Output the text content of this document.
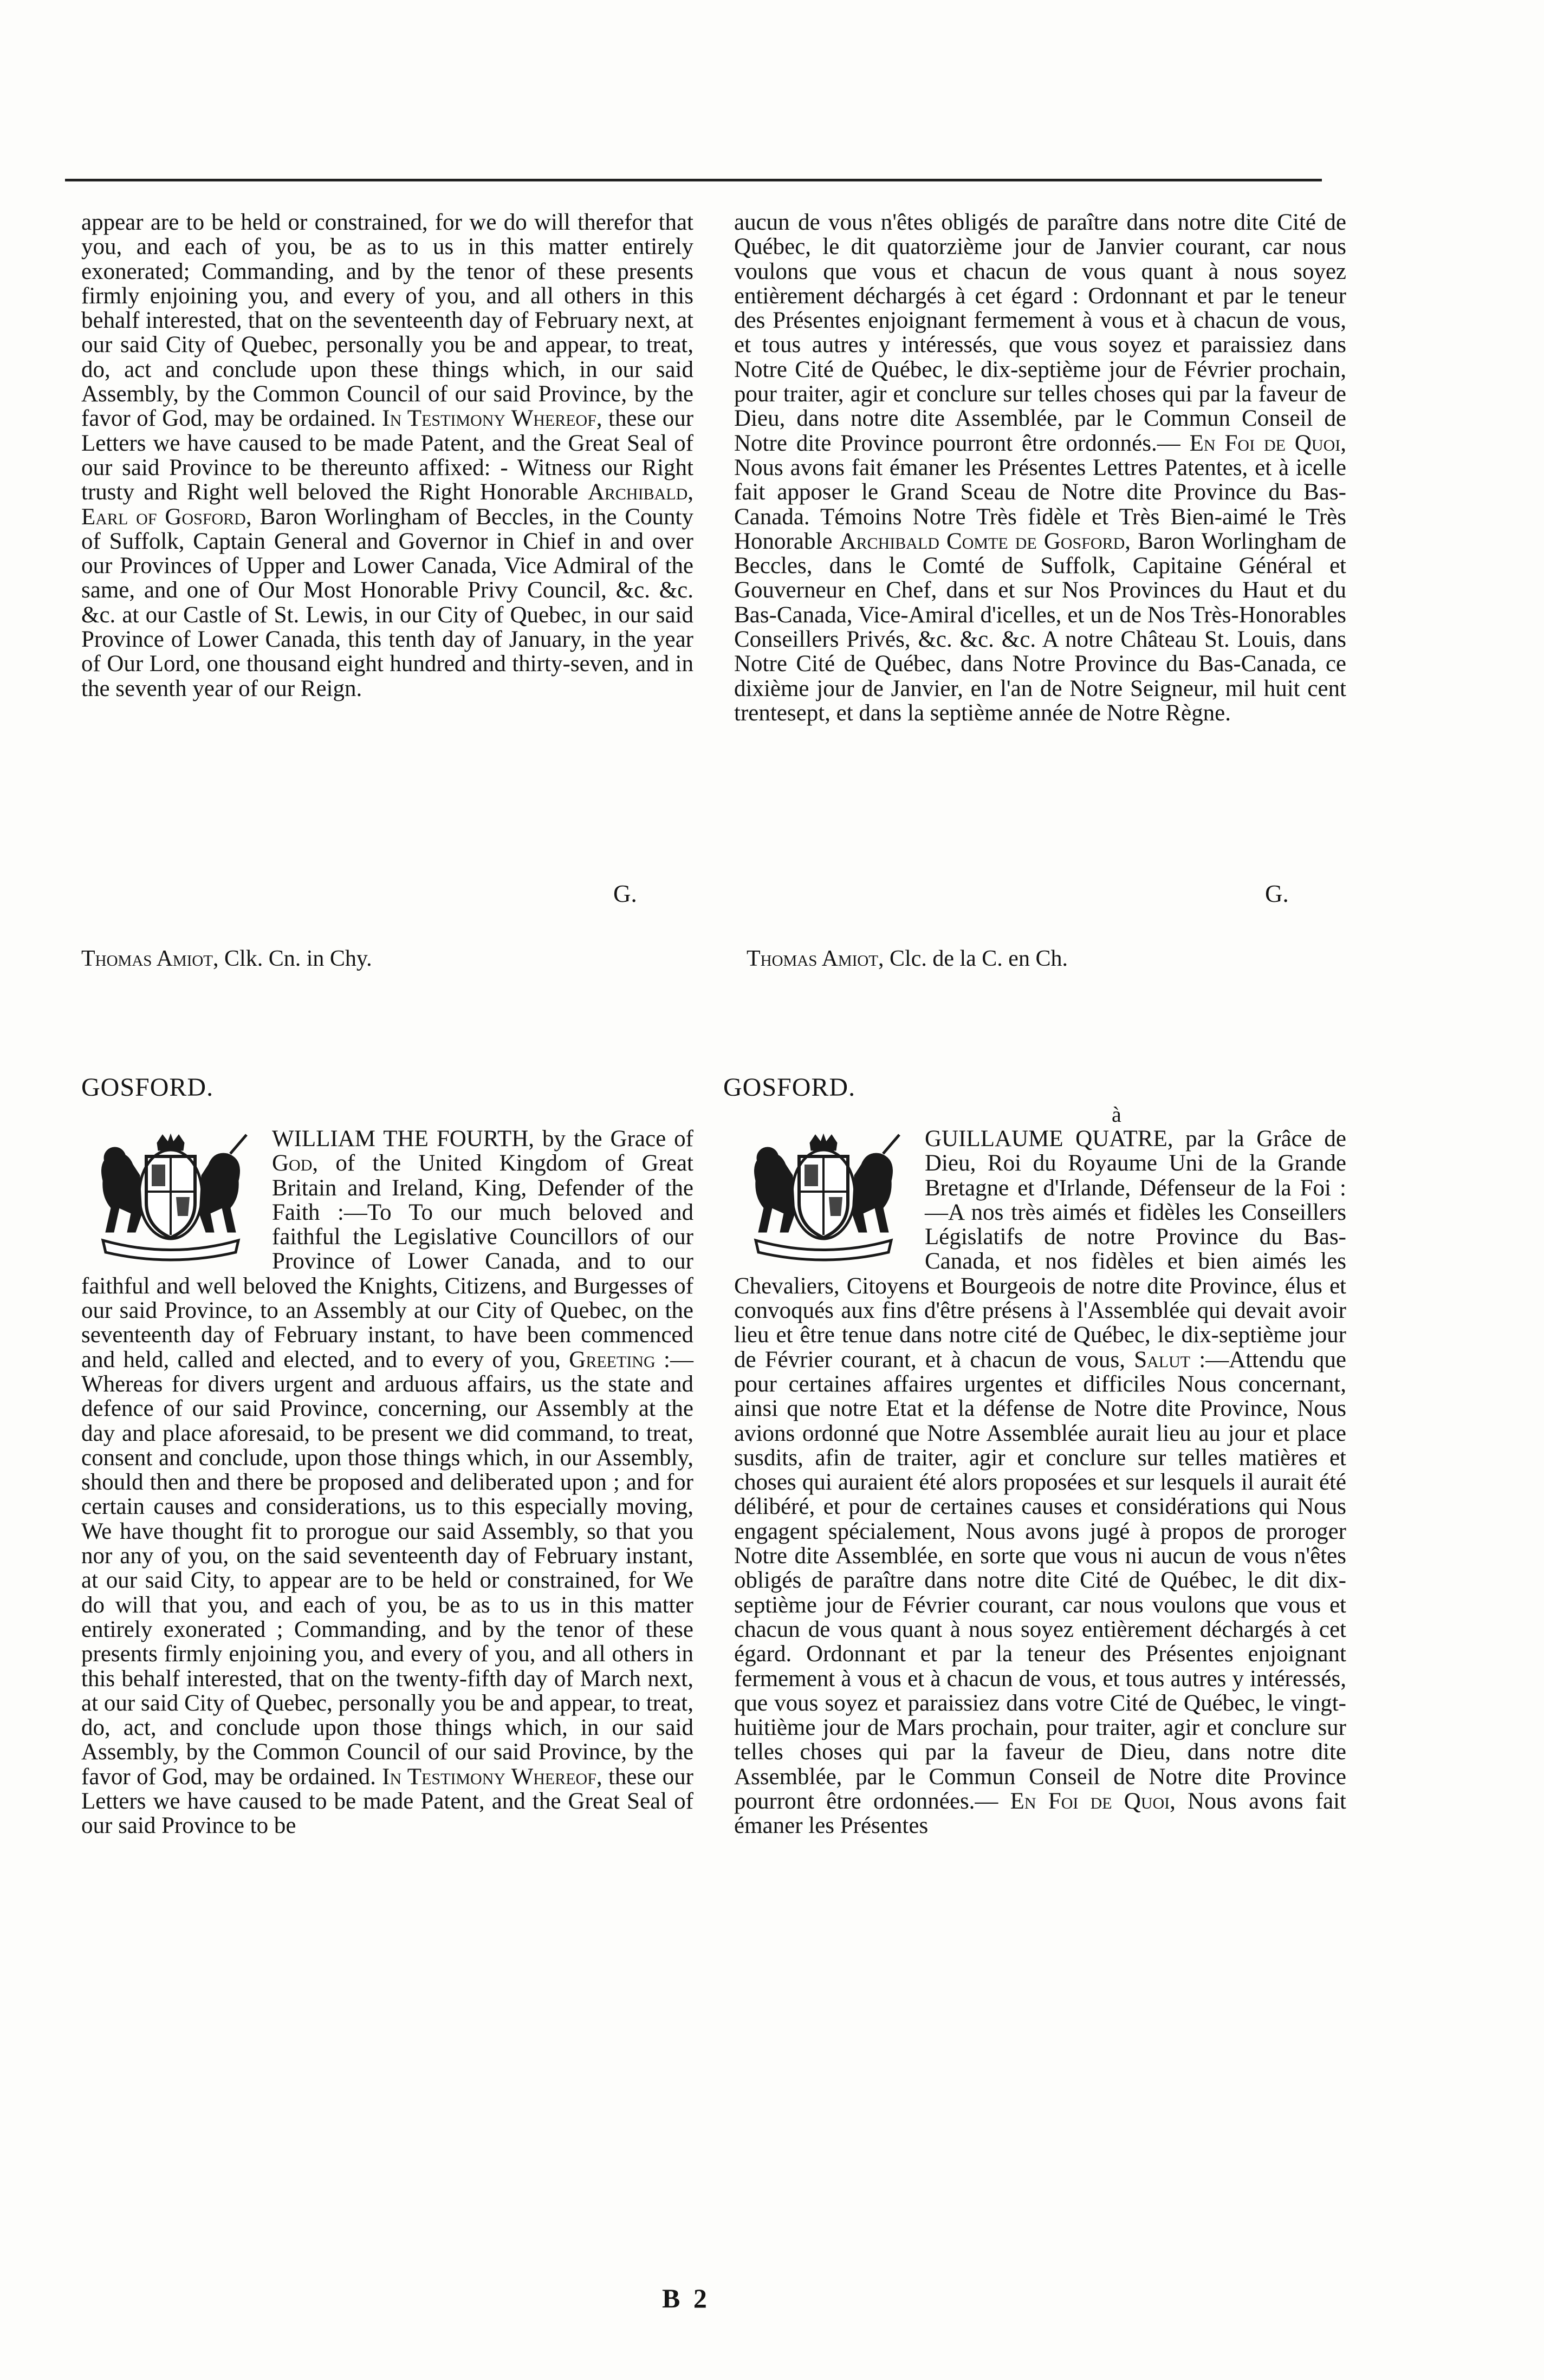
appear are to be held or constrained, for we do will therefor that you, and each of you, be as to us in this matter entirely exonerated; Commanding, and by the tenor of these presents firmly enjoining you, and every of you, and all others in this behalf interested, that on the seventeenth day of February next, at our said City of Quebec, personally you be and appear, to treat, do, act and conclude upon these things which, in our said Assembly, by the Common Council of our said Province, by the favor of God, may be ordained. In Testimony Whereof, these our Letters we have caused to be made Patent, and the Great Seal of our said Province to be thereunto affixed: - Witness our Right trusty and Right well beloved the Right Honorable Archibald, Earl of Gosford, Baron Worlingham of Beccles, in the County of Suffolk, Captain General and Governor in Chief in and over our Provinces of Upper and Lower Canada, Vice Admiral of the same, and one of Our Most Honorable Privy Council, &c. &c. &c. at our Castle of St. Lewis, in our City of Quebec, in our said Province of Lower Canada, this tenth day of January, in the year of Our Lord, one thousand eight hundred and thirty-seven, and in the seventh year of our Reign.

aucun de vous n'êtes obligés de paraître dans notre dite Cité de Québec, le dit quatorzième jour de Janvier courant, car nous voulons que vous et chacun de vous quant à nous soyez entièrement déchargés à cet égard : Ordonnant et par le teneur des Présentes enjoignant fermement à vous et à chacun de vous, et tous autres y intéressés, que vous soyez et paraissiez dans Notre Cité de Québec, le dix-septième jour de Février prochain, pour traiter, agir et conclure sur telles choses qui par la faveur de Dieu, dans notre dite Assemblée, par le Commun Conseil de Notre dite Province pourront être ordonnés.— En Foi de Quoi, Nous avons fait émaner les Présentes Lettres Patentes, et à icelle fait apposer le Grand Sceau de Notre dite Province du Bas-Canada. Témoins Notre Très fidèle et Très Bien-aimé le Très Honorable Archibald Comte de Gosford, Baron Worlingham de Beccles, dans le Comté de Suffolk, Capitaine Général et Gouverneur en Chef, dans et sur Nos Provinces du Haut et du Bas-Canada, Vice-Amiral d'icelles, et un de Nos Très-Honorables Conseillers Privés, &c. &c. &c. A notre Château St. Louis, dans Notre Cité de Québec, dans Notre Province du Bas-Canada, ce dixième jour de Janvier, en l'an de Notre Seigneur, mil huit cent trentesept, et dans la septième année de Notre Règne.

G.	G.
Thomas Amiot, Clk. Cn. in Chy.	Thomas Amiot, Clc. de la C. en Ch.
GOSFORD.	GOSFORD.
à

WILLIAM THE FOURTH, by the Grace of God, of the United Kingdom of Great Britain and Ireland, King, Defender of the Faith :—To To our much beloved and faithful the Legislative Councillors of our Province of Lower Canada, and to our faithful and well beloved the Knights, Citizens, and Burgesses of our said Province, to an Assembly at our City of Quebec, on the seventeenth day of February instant, to have been commenced and held, called and elected, and to every of you, Greeting :—Whereas for divers urgent and arduous affairs, us the state and defence of our said Province, concerning, our Assembly at the day and place aforesaid, to be present we did command, to treat, consent and conclude, upon those things which, in our Assembly, should then and there be proposed and deliberated upon ; and for certain causes and considerations, us to this especially moving, We have thought fit to prorogue our said Assembly, so that you nor any of you, on the said seventeenth day of February instant, at our said City, to appear are to be held or constrained, for We do will that you, and each of you, be as to us in this matter entirely exonerated ; Commanding, and by the tenor of these presents firmly enjoining you, and every of you, and all others in this behalf interested, that on the twenty-fifth day of March next, at our said City of Quebec, personally you be and appear, to treat, do, act, and conclude upon those things which, in our said Assembly, by the Common Council of our said Province, by the favor of God, may be ordained. In Testimony Whereof, these our Letters we have caused to be made Patent, and the Great Seal of our said Province to be

GUILLAUME QUATRE, par la Grâce de Dieu, Roi du Royaume Uni de la Grande Bretagne et d'Irlande, Défenseur de la Foi :—A nos très aimés et fidèles les Conseillers Législatifs de notre Province du Bas-Canada, et nos fidèles et bien aimés les Chevaliers, Citoyens et Bourgeois de notre dite Province, élus et convoqués aux fins d'être présens à l'Assemblée qui devait avoir lieu et être tenue dans notre cité de Québec, le dix-septième jour de Février courant, et à chacun de vous, Salut :—Attendu que pour certaines affaires urgentes et difficiles Nous concernant, ainsi que notre Etat et la défense de Notre dite Province, Nous avions ordonné que Notre Assemblée aurait lieu au jour et place susdits, afin de traiter, agir et conclure sur telles matières et choses qui auraient été alors proposées et sur lesquels il aurait été délibéré, et pour de certaines causes et considérations qui Nous engagent spécialement, Nous avons jugé à propos de proroger Notre dite Assemblée, en sorte que vous ni aucun de vous n'êtes obligés de paraître dans notre dite Cité de Québec, le dit dix-septième jour de Février courant, car nous voulons que vous et chacun de vous quant à nous soyez entièrement déchargés à cet égard. Ordonnant et par la teneur des Présentes enjoignant fermement à vous et à chacun de vous, et tous autres y intéressés, que vous soyez et paraissiez dans votre Cité de Québec, le vingt-huitième jour de Mars prochain, pour traiter, agir et conclure sur telles choses qui par la faveur de Dieu, dans notre dite Assemblée, par le Commun Conseil de Notre dite Province pourront être ordonnées.— En Foi de Quoi, Nous avons fait émaner les Présentes

B 2
